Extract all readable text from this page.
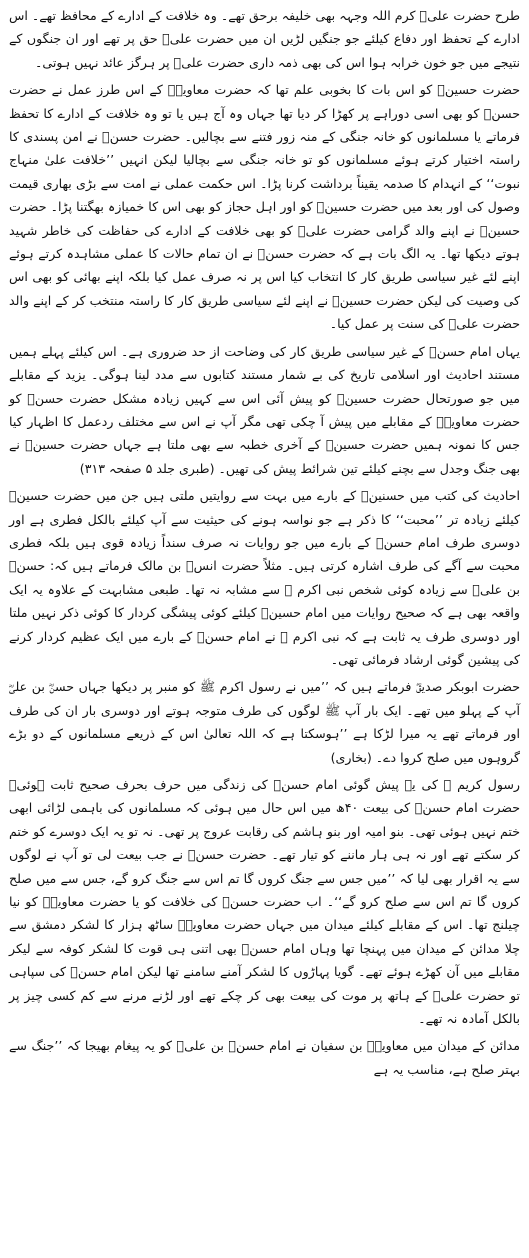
طرح حضرت علیؓ کرم اللہ وجہہ بھی خلیفہ برحق تھے۔ وہ خلافت کے ادارے کے محافظ تھے۔ اس ادارے کے تحفظ اور دفاع کیلئے جو جنگیں لڑیں ان میں حضرت علیؓ حق پر تھے اور ان جنگوں کے نتیجے میں جو خون خرابہ ہوا اس کی بھی ذمہ داری حضرت علیؓ پر ہرگز عائد نہیں ہوتی۔

حضرت حسینؓ کو اس بات کا بخوبی علم تھا کہ حضرت معاویہؓ کے اس طرز عمل نے حضرت حسنؓ کو بھی اسی دوراہے پر کھڑا کر دیا تھا جہاں وہ آج ہیں یا تو وہ خلافت کے ادارے کا تحفظ فرماتے یا مسلمانوں کو خانہ جنگی کے منہ زور فتنے سے بچالیں۔ حضرت حسنؓ نے امن پسندی کا راستہ اختیار کرتے ہوئے مسلمانوں کو تو خانہ جنگی سے بچالیا لیکن انہیں ’’خلافت علیٰ منہاج نبوت‘‘ کے انہدام کا صدمہ یقیناً برداشت کرنا پڑا۔ اس حکمت عملی نے امت سے بڑی بھاری قیمت وصول کی اور بعد میں حضرت حسینؓ کو اور اہل حجاز کو بھی اس کا خمیازہ بھگتنا پڑا۔ حضرت حسینؓ نے اپنے والد گرامی حضرت علیؓ کو بھی خلافت کے ادارے کی حفاظت کی خاطر شہید ہوتے دیکھا تھا۔ یہ الگ بات ہے کہ حضرت حسنؓ نے ان تمام حالات کا عملی مشاہدہ کرتے ہوئے اپنے لئے غیر سیاسی طریق کار کا انتخاب کیا اس پر نہ صرف عمل کیا بلکہ اپنے بھائی کو بھی اس کی وصیت کی لیکن حضرت حسینؓ نے اپنے لئے سیاسی طریق کار کا راستہ منتخب کر کے اپنے والد حضرت علیؓ کی سنت پر عمل کیا۔

یہاں امام حسنؓ کے غیر سیاسی طریق کار کی وضاحت از حد ضروری ہے۔ اس کیلئے پہلے ہمیں مستند احادیث اور اسلامی تاریخ کی بے شمار مستند کتابوں سے مدد لینا ہوگی۔ یزید کے مقابلے میں جو صورتحال حضرت حسینؓ کو پیش آئی اس سے کہیں زیادہ مشکل حضرت حسنؓ کو حضرت معاویہؓ کے مقابلے میں پیش آ چکی تھی مگر آپ نے اس سے مختلف ردعمل کا اظہار کیا جس کا نمونہ ہمیں حضرت حسینؓ کے آخری خطبہ سے بھی ملتا ہے جہاں حضرت حسینؓ نے بھی جنگ وجدل سے بچنے کیلئے تین شرائط پیش کی تھیں۔ (طبری جلد ۵ صفحہ ۳۱۳)

احادیث کی کتب میں حسنینؓ کے بارے میں بہت سے روایتیں ملتی ہیں جن میں حضرت حسینؓ کیلئے زیادہ تر ’’محبت‘‘ کا ذکر ہے جو نواسہ ہونے کی حیثیت سے آپ کیلئے بالکل فطری ہے اور دوسری طرف امام حسنؓ کے بارے میں جو روایات نہ صرف سنداً زیادہ قوی ہیں بلکہ فطری محبت سے آگے کی طرف اشارہ کرتی ہیں۔ مثلاً حضرت انسؓ بن مالک فرماتے ہیں کہ: حسنؓ بن علیؓ سے زیادہ کوئی شخص نبی اکرم ﷺ سے مشابہ نہ تھا۔ طبعی مشابہت کے علاوہ یہ ایک واقعہ بھی ہے کہ صحیح روایات میں امام حسینؓ کیلئے کوئی پیشگی کردار کا کوئی ذکر نہیں ملتا اور دوسری طرف یہ ثابت ہے کہ نبی اکرم ﷺ نے امام حسنؓ کے بارے میں ایک عظیم کردار کرنے کی پیشین گوئی ارشاد فرمائی تھی۔

حضرت ابوبکر صدیقؓ فرماتے ہیں کہ ’’میں نے رسول اکرم ﷺ کو منبر پر دیکھا جہاں حسنؓ بن علیؓ آپ کے پہلو میں تھے۔ ایک بار آپ ﷺ لوگوں کی طرف متوجہ ہوتے اور دوسری بار ان کی طرف اور فرماتے تھے یہ میرا لڑکا ہے ’’ہوسکتا ہے کہ اللہ تعالیٰ اس کے ذریعے مسلمانوں کے دو بڑے گروہوں میں صلح کروا دے۔ (بخاری)

رسول کریم ﷺ کی یہ پیش گوئی امام حسنؓ کی زندگی میں حرف بحرف صحیح ثابت ہوئی۔ حضرت امام حسنؓ کی بیعت ۴۰ھ میں اس حال میں ہوئی کہ مسلمانوں کی باہمی لڑائی ابھی ختم نہیں ہوئی تھی۔ بنو امیہ اور بنو ہاشم کی رقابت عروج پر تھی۔ نہ تو یہ ایک دوسرے کو ختم کر سکتے تھے اور نہ ہی ہار ماننے کو تیار تھے۔ حضرت حسنؓ نے جب بیعت لی تو آپ نے لوگوں سے یہ اقرار بھی لیا کہ ’’میں جس سے جنگ کروں گا تم اس سے جنگ کرو گے، جس سے میں صلح کروں گا تم اس سے صلح کرو گے‘‘۔ اب حضرت حسنؓ کی خلافت کو یا حضرت معاویہؓ کو نیا چیلنج تھا۔ اس کے مقابلے کیلئے میدان میں جہاں حضرت معاویہؓ ساٹھ ہزار کا لشکر دمشق سے چلا مدائن کے میدان میں پہنچا تھا وہاں امام حسنؓ بھی اتنی ہی قوت کا لشکر کوفہ سے لیکر مقابلے میں آن کھڑے ہوئے تھے۔ گویا پہاڑوں کا لشکر آمنے سامنے تھا لیکن امام حسنؓ کی سپاہی تو حضرت علیؓ کے ہاتھ پر موت کی بیعت بھی کر چکے تھے اور لڑنے مرنے سے کم کسی چیز پر بالکل آمادہ نہ تھے۔

مدائن کے میدان میں معاویہؓ بن سفیان نے امام حسنؓ بن علیؓ کو یہ پیغام بھیجا کہ ’’جنگ سے بہتر صلح ہے، مناسب یہ ہے
